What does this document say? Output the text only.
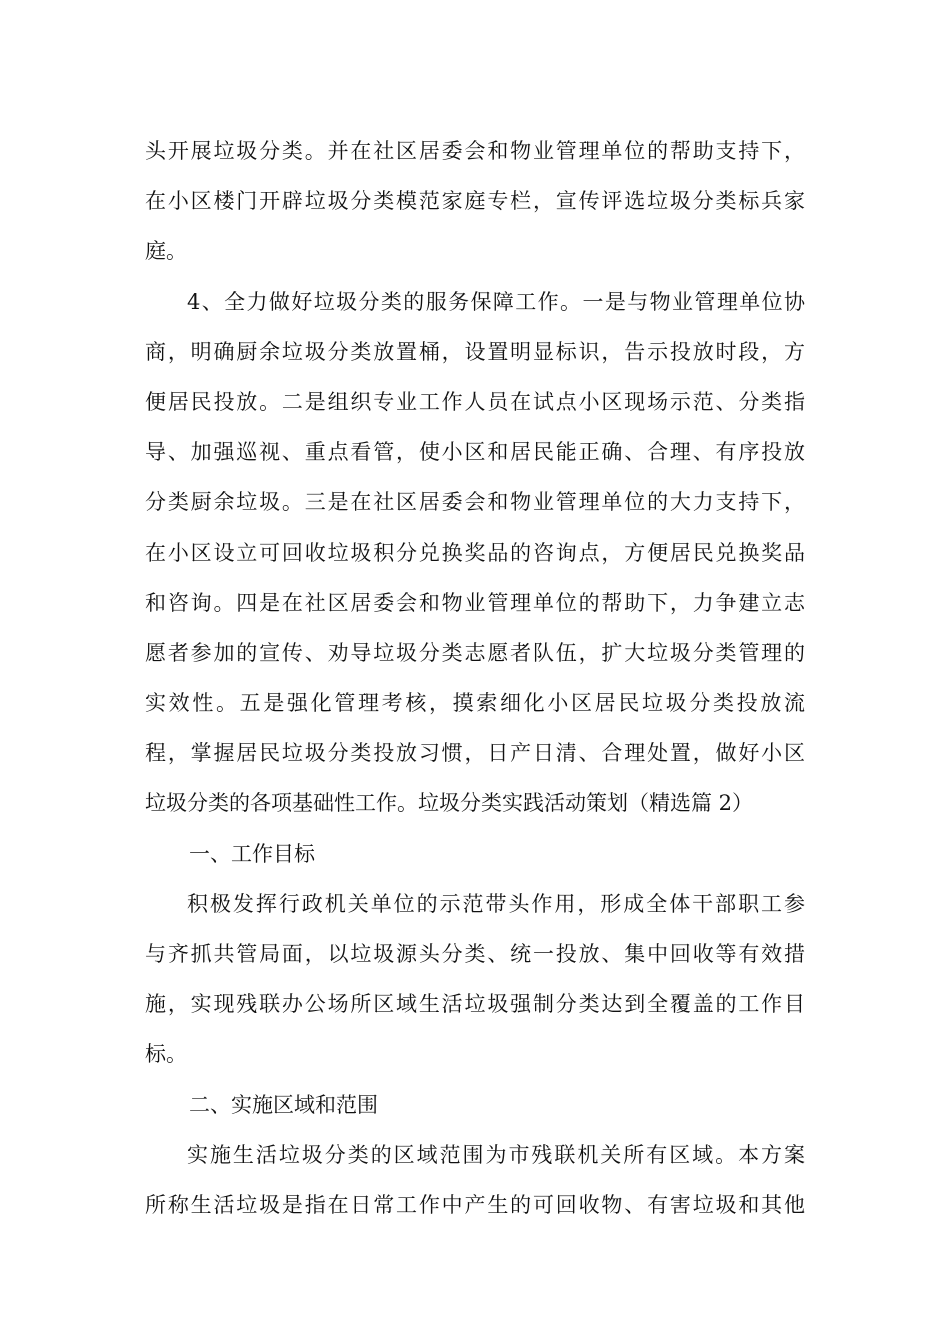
头开展垃圾分类。并在社区居委会和物业管理单位的帮助支持下，
在小区楼门开辟垃圾分类模范家庭专栏，宣传评选垃圾分类标兵家
庭。
4、全力做好垃圾分类的服务保障工作。一是与物业管理单位协
商，明确厨余垃圾分类放置桶，设置明显标识，告示投放时段，方
便居民投放。二是组织专业工作人员在试点小区现场示范、分类指
导、加强巡视、重点看管，使小区和居民能正确、合理、有序投放
分类厨余垃圾。三是在社区居委会和物业管理单位的大力支持下，
在小区设立可回收垃圾积分兑换奖品的咨询点，方便居民兑换奖品
和咨询。四是在社区居委会和物业管理单位的帮助下，力争建立志
愿者参加的宣传、劝导垃圾分类志愿者队伍，扩大垃圾分类管理的
实效性。五是强化管理考核，摸索细化小区居民垃圾分类投放流
程，掌握居民垃圾分类投放习惯，日产日清、合理处置，做好小区
垃圾分类的各项基础性工作。垃圾分类实践活动策划（精选篇 2）
一、工作目标
积极发挥行政机关单位的示范带头作用，形成全体干部职工参
与齐抓共管局面，以垃圾源头分类、统一投放、集中回收等有效措
施，实现残联办公场所区域生活垃圾强制分类达到全覆盖的工作目
标。
二、实施区域和范围
实施生活垃圾分类的区域范围为市残联机关所有区域。本方案
所称生活垃圾是指在日常工作中产生的可回收物、有害垃圾和其他
